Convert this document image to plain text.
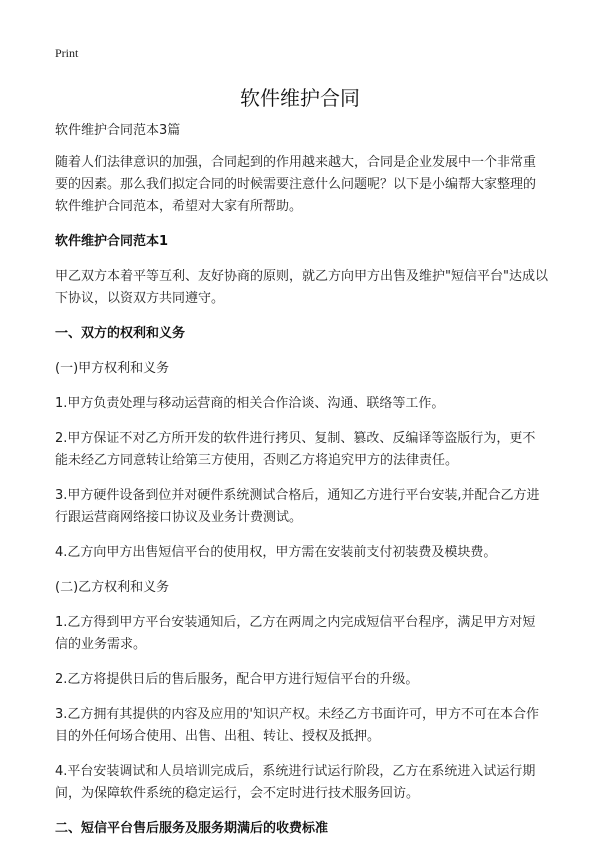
Print
软件维护合同
软件维护合同范本3篇
随着人们法律意识的加强，合同起到的作用越来越大，合同是企业发展中一个非常重要的因素。那么我们拟定合同的时候需要注意什么问题呢？以下是小编帮大家整理的软件维护合同范本，希望对大家有所帮助。
软件维护合同范本1
甲乙双方本着平等互利、友好协商的原则，就乙方向甲方出售及维护"短信平台"达成以下协议，以资双方共同遵守。
一、双方的权利和义务
(一)甲方权利和义务
1.甲方负责处理与移动运营商的相关合作洽谈、沟通、联络等工作。
2.甲方保证不对乙方所开发的软件进行拷贝、复制、篡改、反编译等盗版行为，更不能未经乙方同意转让给第三方使用，否则乙方将追究甲方的法律责任。
3.甲方硬件设备到位并对硬件系统测试合格后，通知乙方进行平台安装,并配合乙方进行跟运营商网络接口协议及业务计费测试。
4.乙方向甲方出售短信平台的使用权，甲方需在安装前支付初装费及模块费。
(二)乙方权利和义务
1.乙方得到甲方平台安装通知后，乙方在两周之内完成短信平台程序，满足甲方对短信的业务需求。
2.乙方将提供日后的售后服务，配合甲方进行短信平台的升级。
3.乙方拥有其提供的内容及应用的'知识产权。未经乙方书面许可，甲方不可在本合作目的外任何场合使用、出售、出租、转让、授权及抵押。
4.平台安装调试和人员培训完成后，系统进行试运行阶段，乙方在系统进入试运行期间，为保障软件系统的稳定运行，会不定时进行技术服务回访。
二、短信平台售后服务及服务期满后的收费标准
